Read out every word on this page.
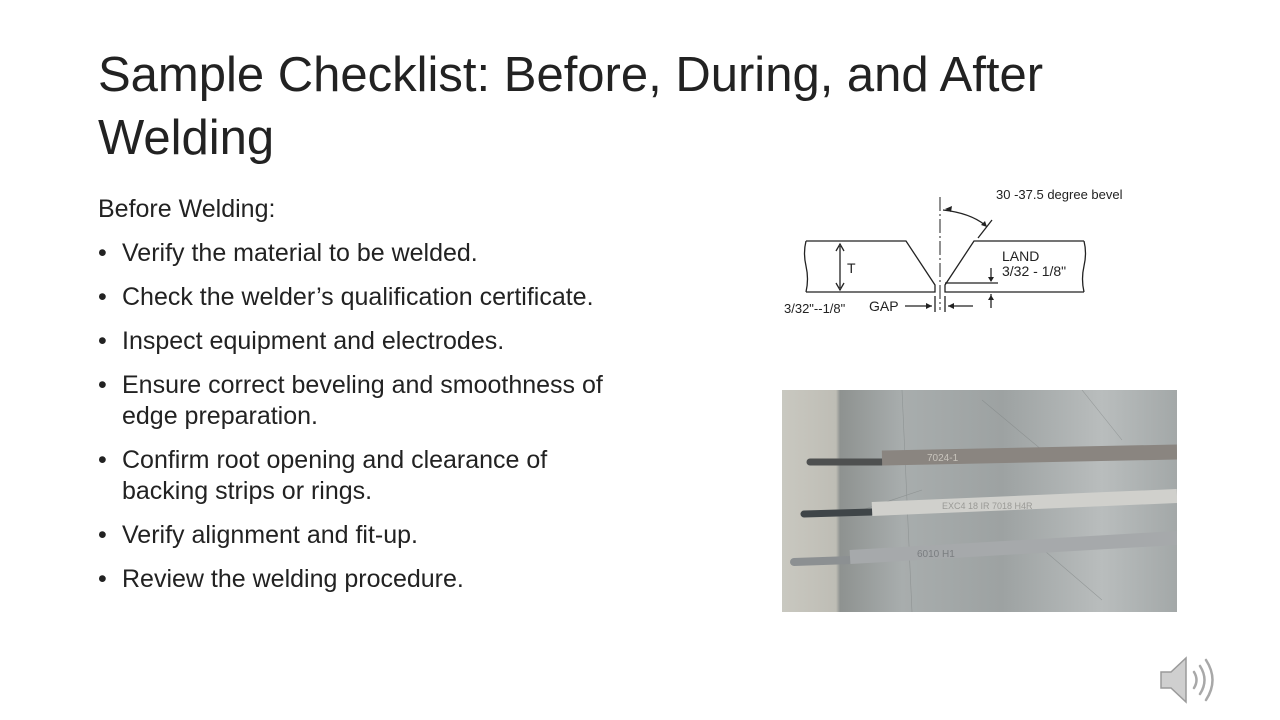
Sample Checklist: Before, During, and After Welding
Before Welding:
• Verify the material to be welded.
• Check the welder’s qualification certificate.
• Inspect equipment and electrodes.
• Ensure correct beveling and smoothness of edge preparation.
• Confirm root opening and clearance of backing strips or rings.
• Verify alignment and fit-up.
• Review the welding procedure.
30 -37.5 degree bevel
T
LAND
3/32 - 1/8"
3/32"--1/8" GAP
7024-1
EXC4 18 IR 7018 H4R
6010 H1
